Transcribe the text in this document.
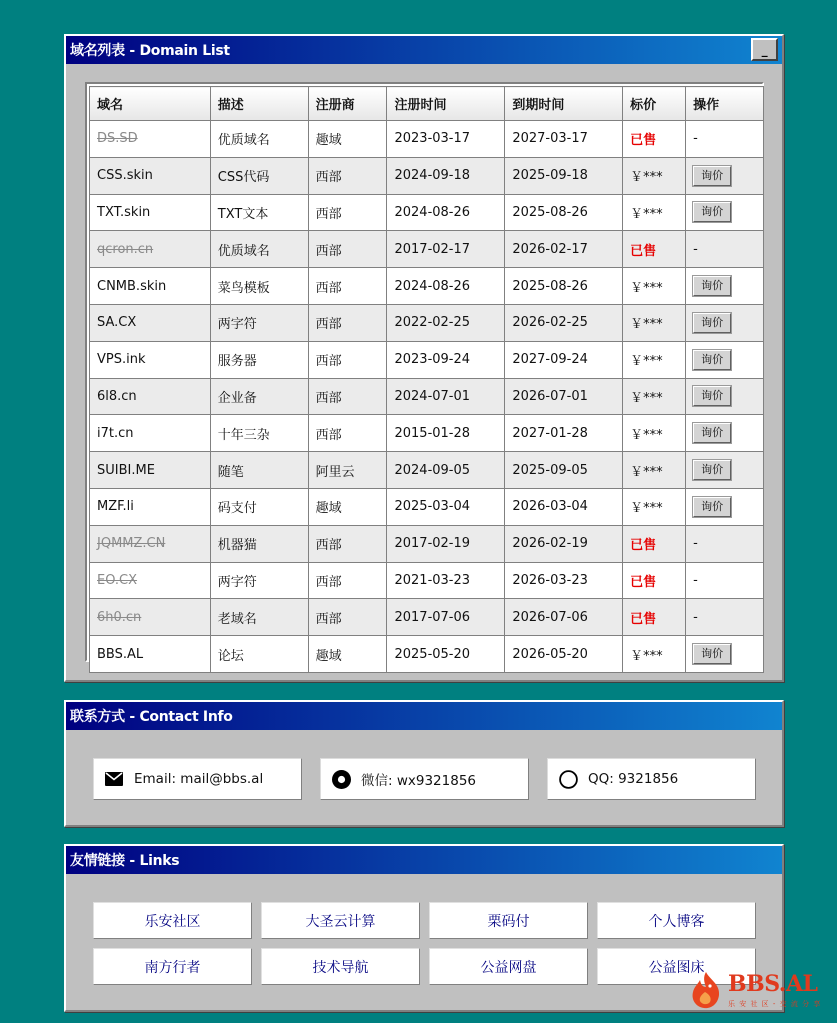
域名列表 - Domain List	_
域名	描述	注册商	注册时间	到期时间	标价	操作
DS.SD	优质域名	趣域	2023-03-17	2027-03-17	已售	-
CSS.skin	CSS代码	西部	2024-09-18	2025-09-18	￥***	询价
TXT.skin	TXT文本	西部	2024-08-26	2025-08-26	￥***	询价
qcron.cn	优质域名	西部	2017-02-17	2026-02-17	已售	-
CNMB.skin	菜鸟模板	西部	2024-08-26	2025-08-26	￥***	询价
SA.CX	两字符	西部	2022-02-25	2026-02-25	￥***	询价
VPS.ink	服务器	西部	2023-09-24	2027-09-24	￥***	询价
6l8.cn	企业备	西部	2024-07-01	2026-07-01	￥***	询价
i7t.cn	十年三杂	西部	2015-01-28	2027-01-28	￥***	询价
SUIBI.ME	随笔	阿里云	2024-09-05	2025-09-05	￥***	询价
MZF.li	码支付	趣域	2025-03-04	2026-03-04	￥***	询价
JQMMZ.CN	机器猫	西部	2017-02-19	2026-02-19	已售	-
EO.CX	两字符	西部	2021-03-23	2026-03-23	已售	-
6h0.cn	老域名	西部	2017-07-06	2026-07-06	已售	-
BBS.AL	论坛	趣域	2025-05-20	2026-05-20	￥***	询价
联系方式 - Contact Info
Email: mail@bbs.al	微信: wx9321856	QQ: 9321856
友情链接 - Links
乐安社区	大圣云计算	栗码付	个人博客
南方行者	技术导航	公益网盘	公益图床
BBS.AL
乐 安 社 区 - 交 流 分 享
